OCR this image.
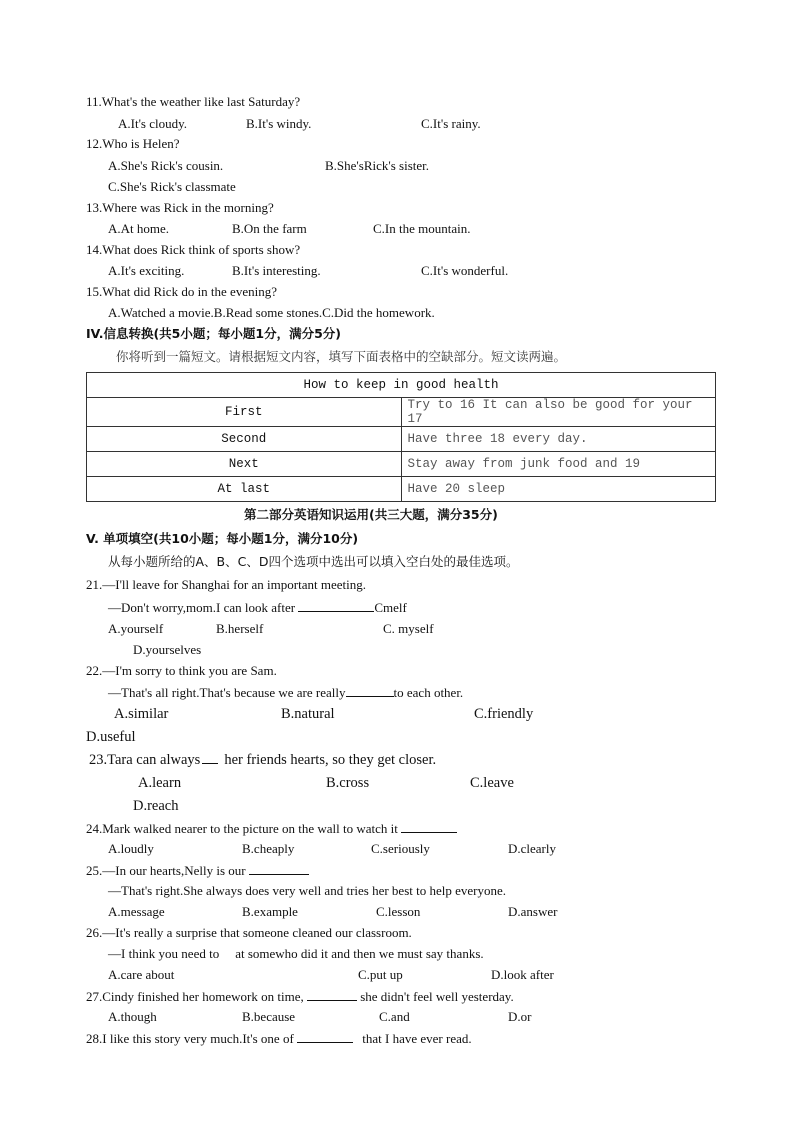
11.What's the weather like last Saturday?
A.It's cloudy.	B.It's windy.	C.It's rainy.
12.Who is Helen?
A.She's Rick's cousin.	B.She'sRick's sister.
C.She's Rick's classmate
13.Where was Rick in the morning?
A.At home.	B.On the farm	C.In the mountain.
14.What does Rick think of sports show?
A.It's exciting.	B.It's interesting.	C.It's wonderful.
15.What did Rick do in the evening?
A.Watched a movie.B.Read some stones.C.Did the homework.
IV.信息转换(共5小题；每小题1分，满分5分)
你将听到一篇短文。请根据短文内容，填写下面表格中的空缺部分。短文读两遍。
How to keep in good health	
First	Try to 16 It can also be good for your 17
Second	Have three 18 every day.
Next	Stay away from junk food and 19
At last	Have 20 sleep
第二部分英语知识运用(共三大题，满分35分)
V. 单项填空(共10小题；每小题1分，满分10分)
从每小题所给的A、B、C、D四个选项中选出可以填入空白处的最佳选项。
21.—I'll leave for Shanghai for an important meeting.
—Don't worry,mom.I can look after	Cmelf
A.yourself	B.herself	C. myself
D.yourselves
22.—I'm sorry to think you are Sam.
—That's all right.That's because we are really	to each other.
A.similar	B.natural	C.friendly
D.useful
23.Tara can always her friends hearts, so they get closer.
A.learn	B.cross	C.leave
D.reach
24.Mark walked nearer to the picture on the wall to watch it
A.loudly	B.cheaply	C.seriously	D.clearly
25.—In our hearts,Nelly is our
—That's right.She always does very well and tries her best to help everyone.
A.message	B.example	C.lesson	D.answer
26.—It's really a surprise that someone cleaned our classroom.
—I think you need to at somewho did it and then we must say thanks.
A.care about	C.put up	D.look after
27.Cindy finished her homework on time,	she didn't feel well yesterday.
A.though	B.because	C.and	D.or
28.I like this story very much.It's one of	that I have ever read.
